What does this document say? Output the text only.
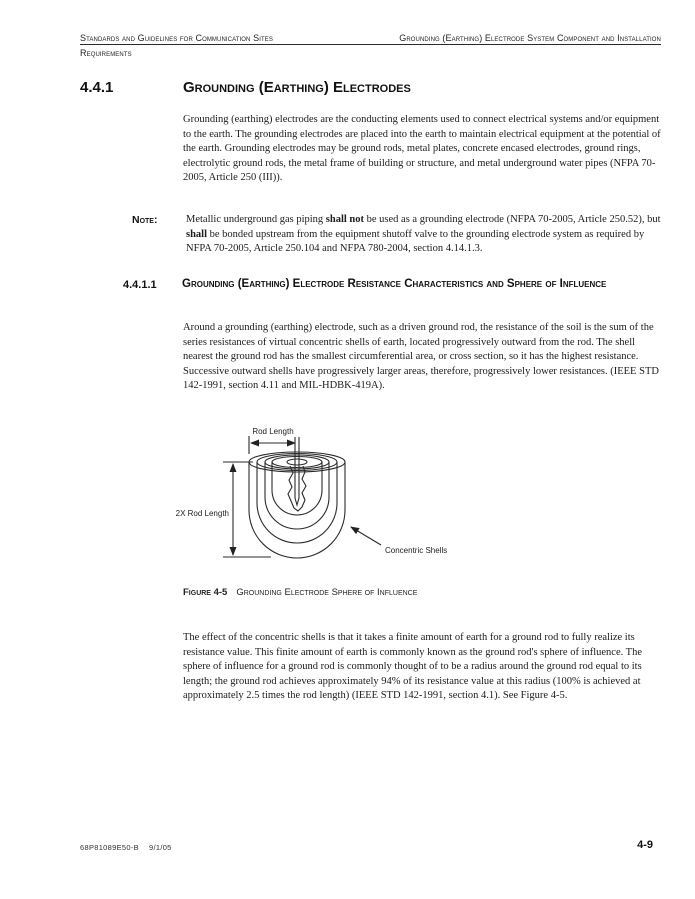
Standards and Guidelines for Communication Sites	Grounding (Earthing) Electrode System Component and Installation
Requirements
4.4.1	Grounding (Earthing) Electrodes
Grounding (earthing) electrodes are the conducting elements used to connect electrical systems and/or equipment to the earth. The grounding electrodes are placed into the earth to maintain electrical equipment at the potential of the earth. Grounding electrodes may be ground rods, metal plates, concrete encased electrodes, ground rings, electrolytic ground rods, the metal frame of building or structure, and metal underground water pipes (NFPA 70-2005, Article 250 (III)).
Note:	Metallic underground gas piping shall not be used as a grounding electrode (NFPA 70-2005, Article 250.52), but shall be bonded upstream from the equipment shutoff valve to the grounding electrode system as required by NFPA 70-2005, Article 250.104 and NFPA 780-2004, section 4.14.1.3.
4.4.1.1 Grounding (Earthing) Electrode Resistance Characteristics and Sphere of Influence
Around a grounding (earthing) electrode, such as a driven ground rod, the resistance of the soil is the sum of the series resistances of virtual concentric shells of earth, located progressively outward from the rod. The shell nearest the ground rod has the smallest circumferential area, or cross section, so it has the highest resistance. Successive outward shells have progressively larger areas, therefore, progressively lower resistances. (IEEE STD 142-1991, section 4.11 and MIL-HDBK-419A).
Rod Length
2X Rod Length
Concentric Shells
Figure 4-5 Grounding Electrode Sphere of Influence
The effect of the concentric shells is that it takes a finite amount of earth for a ground rod to fully realize its resistance value. This finite amount of earth is commonly known as the ground rod's sphere of influence. The sphere of influence for a ground rod is commonly thought of to be a radius around the ground rod equal to its length; the ground rod achieves approximately 94% of its resistance value at this radius (100% is achieved at approximately 2.5 times the rod length) (IEEE STD 142-1991, section 4.1). See Figure 4-5.
68P81089E50-B 9/1/05	4-9
